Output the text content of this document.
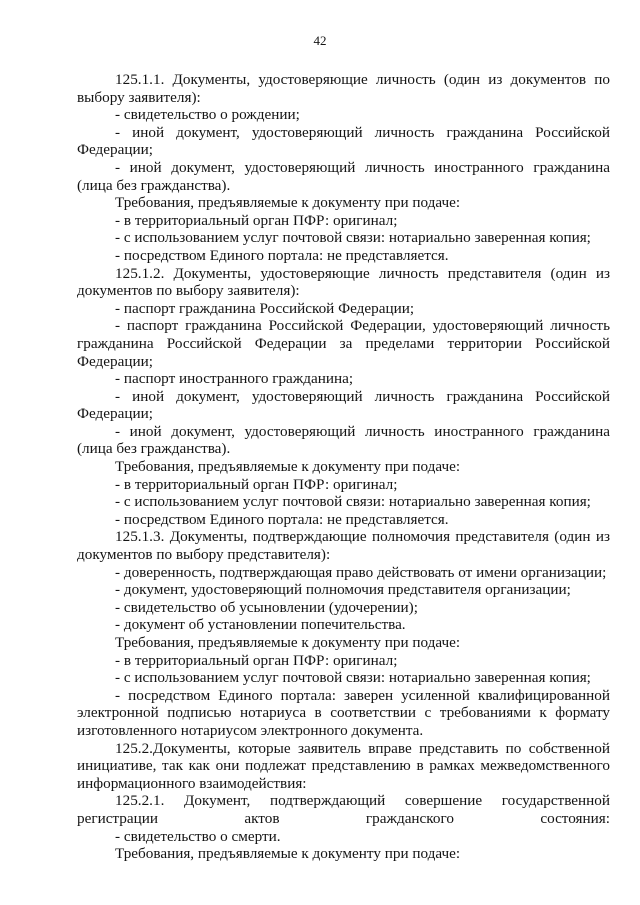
42

125.1.1. Документы, удостоверяющие личность (один из документов по выбору заявителя):

- свидетельство о рождении;

- иной документ, удостоверяющий личность гражданина Российской Федерации;

- иной документ, удостоверяющий личность иностранного гражданина (лица без гражданства).

Требования, предъявляемые к документу при подаче:

- в территориальный орган ПФР: оригинал;

- с использованием услуг почтовой связи: нотариально заверенная копия;

- посредством Единого портала: не представляется.

125.1.2. Документы, удостоверяющие личность представителя (один из документов по выбору заявителя):

- паспорт гражданина Российской Федерации;

- паспорт гражданина Российской Федерации, удостоверяющий личность гражданина Российской Федерации за пределами территории Российской Федерации;

- паспорт иностранного гражданина;

- иной документ, удостоверяющий личность гражданина Российской Федерации;

- иной документ, удостоверяющий личность иностранного гражданина (лица без гражданства).

Требования, предъявляемые к документу при подаче:

- в территориальный орган ПФР: оригинал;

- с использованием услуг почтовой связи: нотариально заверенная копия;

- посредством Единого портала: не представляется.

125.1.3. Документы, подтверждающие полномочия представителя (один из документов по выбору представителя):

- доверенность, подтверждающая право действовать от имени организации;

- документ, удостоверяющий полномочия представителя организации;

- свидетельство об усыновлении (удочерении);

- документ об установлении попечительства.

Требования, предъявляемые к документу при подаче:

- в территориальный орган ПФР: оригинал;

- с использованием услуг почтовой связи: нотариально заверенная копия;

- посредством Единого портала: заверен усиленной квалифицированной электронной подписью нотариуса в соответствии с требованиями к формату изготовленного нотариусом электронного документа.

125.2.Документы, которые заявитель вправе представить по собственной инициативе, так как они подлежат представлению в рамках межведомственного информационного взаимодействия:

125.2.1. Документ, подтверждающий совершение государственной регистрации актов гражданского состояния:

- свидетельство о смерти.

Требования, предъявляемые к документу при подаче:
